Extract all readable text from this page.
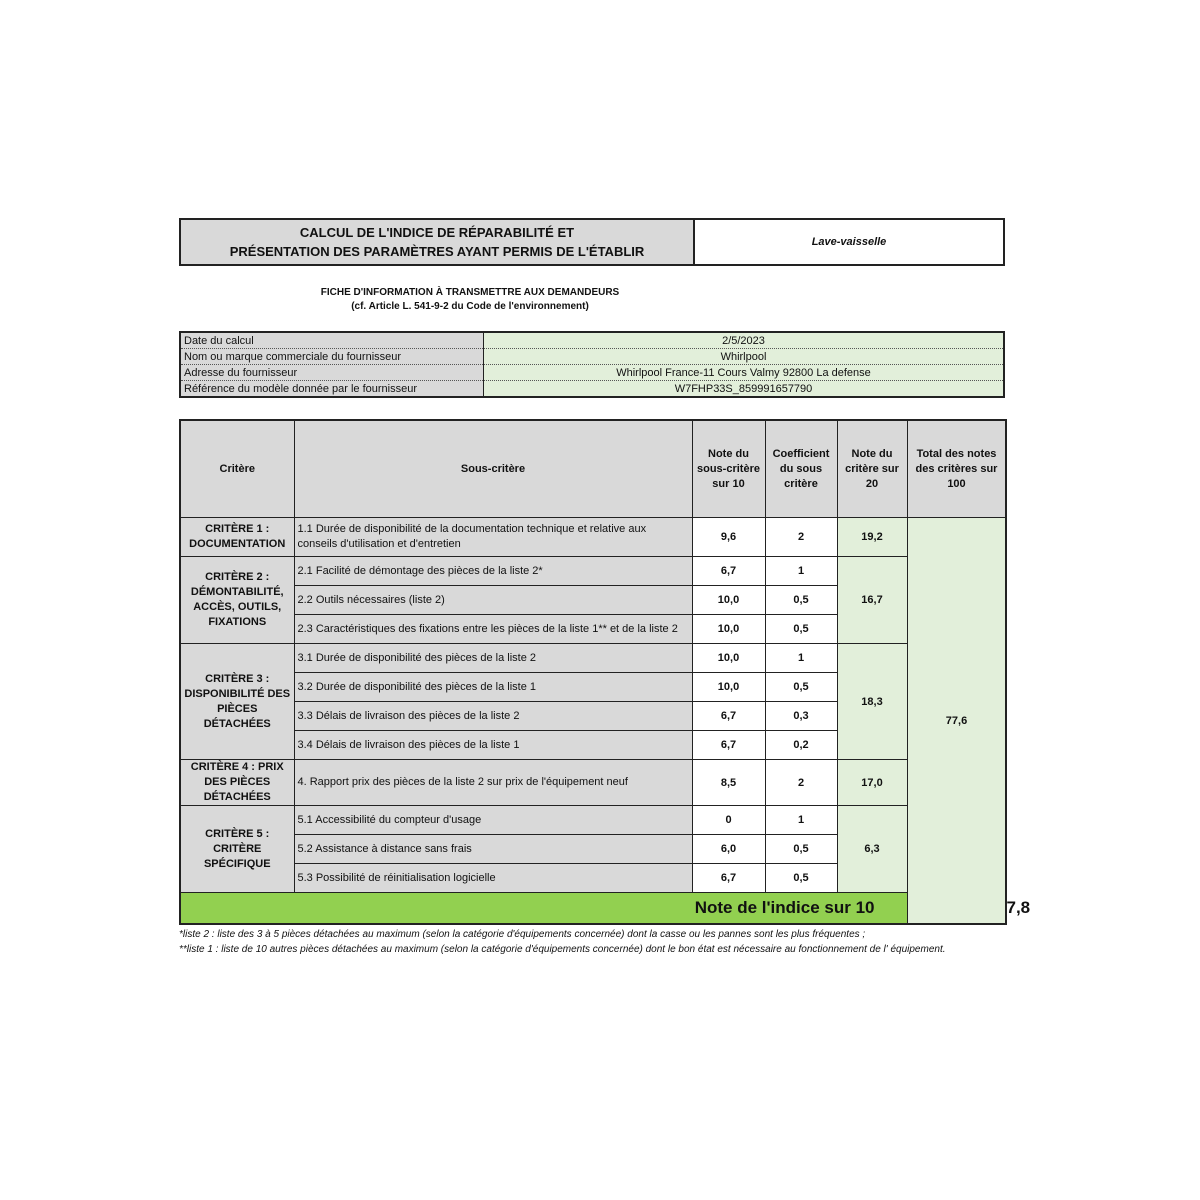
CALCUL DE L'INDICE DE RÉPARABILITÉ ET
PRÉSENTATION DES PARAMÈTRES AYANT PERMIS DE L'ÉTABLIR
Lave-vaisselle
FICHE D'INFORMATION À TRANSMETTRE AUX DEMANDEURS
(cf. Article L. 541-9-2 du Code de l'environnement)
Date du calcul	2/5/2023
Nom ou marque commerciale du fournisseur	Whirlpool
Adresse du fournisseur	Whirlpool France-11 Cours Valmy 92800 La defense
Référence du modèle donnée par le fournisseur	W7FHP33S_859991657790
Critère	Sous-critère	Note du sous-critère sur 10	Coefficient du sous critère	Note du critère sur 20	Total des notes des critères sur 100	
CRITÈRE 1 : DOCUMENTATION	1.1 Durée de disponibilité de la documentation technique et relative aux conseils d'utilisation et d'entretien	9,6	2	19,2	77,6	
CRITÈRE 2 : DÉMONTABILITÉ, ACCÈS, OUTILS, FIXATIONS	2.1 Facilité de démontage des pièces de la liste 2*	6,7	1	16,7		
	2.2 Outils nécessaires (liste 2)	10,0	0,5			
	2.3 Caractéristiques des fixations entre les pièces de la liste 1** et de la liste 2	10,0	0,5			
CRITÈRE 3 : DISPONIBILITÉ DES PIÈCES DÉTACHÉES	3.1 Durée de disponibilité des pièces de la liste 2	10,0	1	18,3		
	3.2 Durée de disponibilité des pièces de la liste 1	10,0	0,5			
	3.3 Délais de livraison des pièces de la liste 2	6,7	0,3			
	3.4 Délais de livraison des pièces de la liste 1	6,7	0,2			
CRITÈRE 4 : PRIX DES PIÈCES DÉTACHÉES	4. Rapport prix des pièces de la liste 2 sur prix de l'équipement neuf	8,5	2	17,0		
CRITÈRE 5 : CRITÈRE SPÉCIFIQUE	5.1 Accessibilité du compteur d'usage	0	1	6,3		
	5.2 Assistance à distance sans frais	6,0	0,5			
	5.3 Possibilité de réinitialisation logicielle	6,7	0,5			
Note de l'indice sur 10						7,8
*liste 2 : liste des 3 à 5 pièces détachées au maximum (selon la catégorie d'équipements concernée) dont la casse ou les pannes sont les plus fréquentes ;
**liste 1 : liste de 10 autres pièces détachées au maximum (selon la catégorie d'équipements concernée) dont le bon état est nécessaire au fonctionnement de l' équipement.
